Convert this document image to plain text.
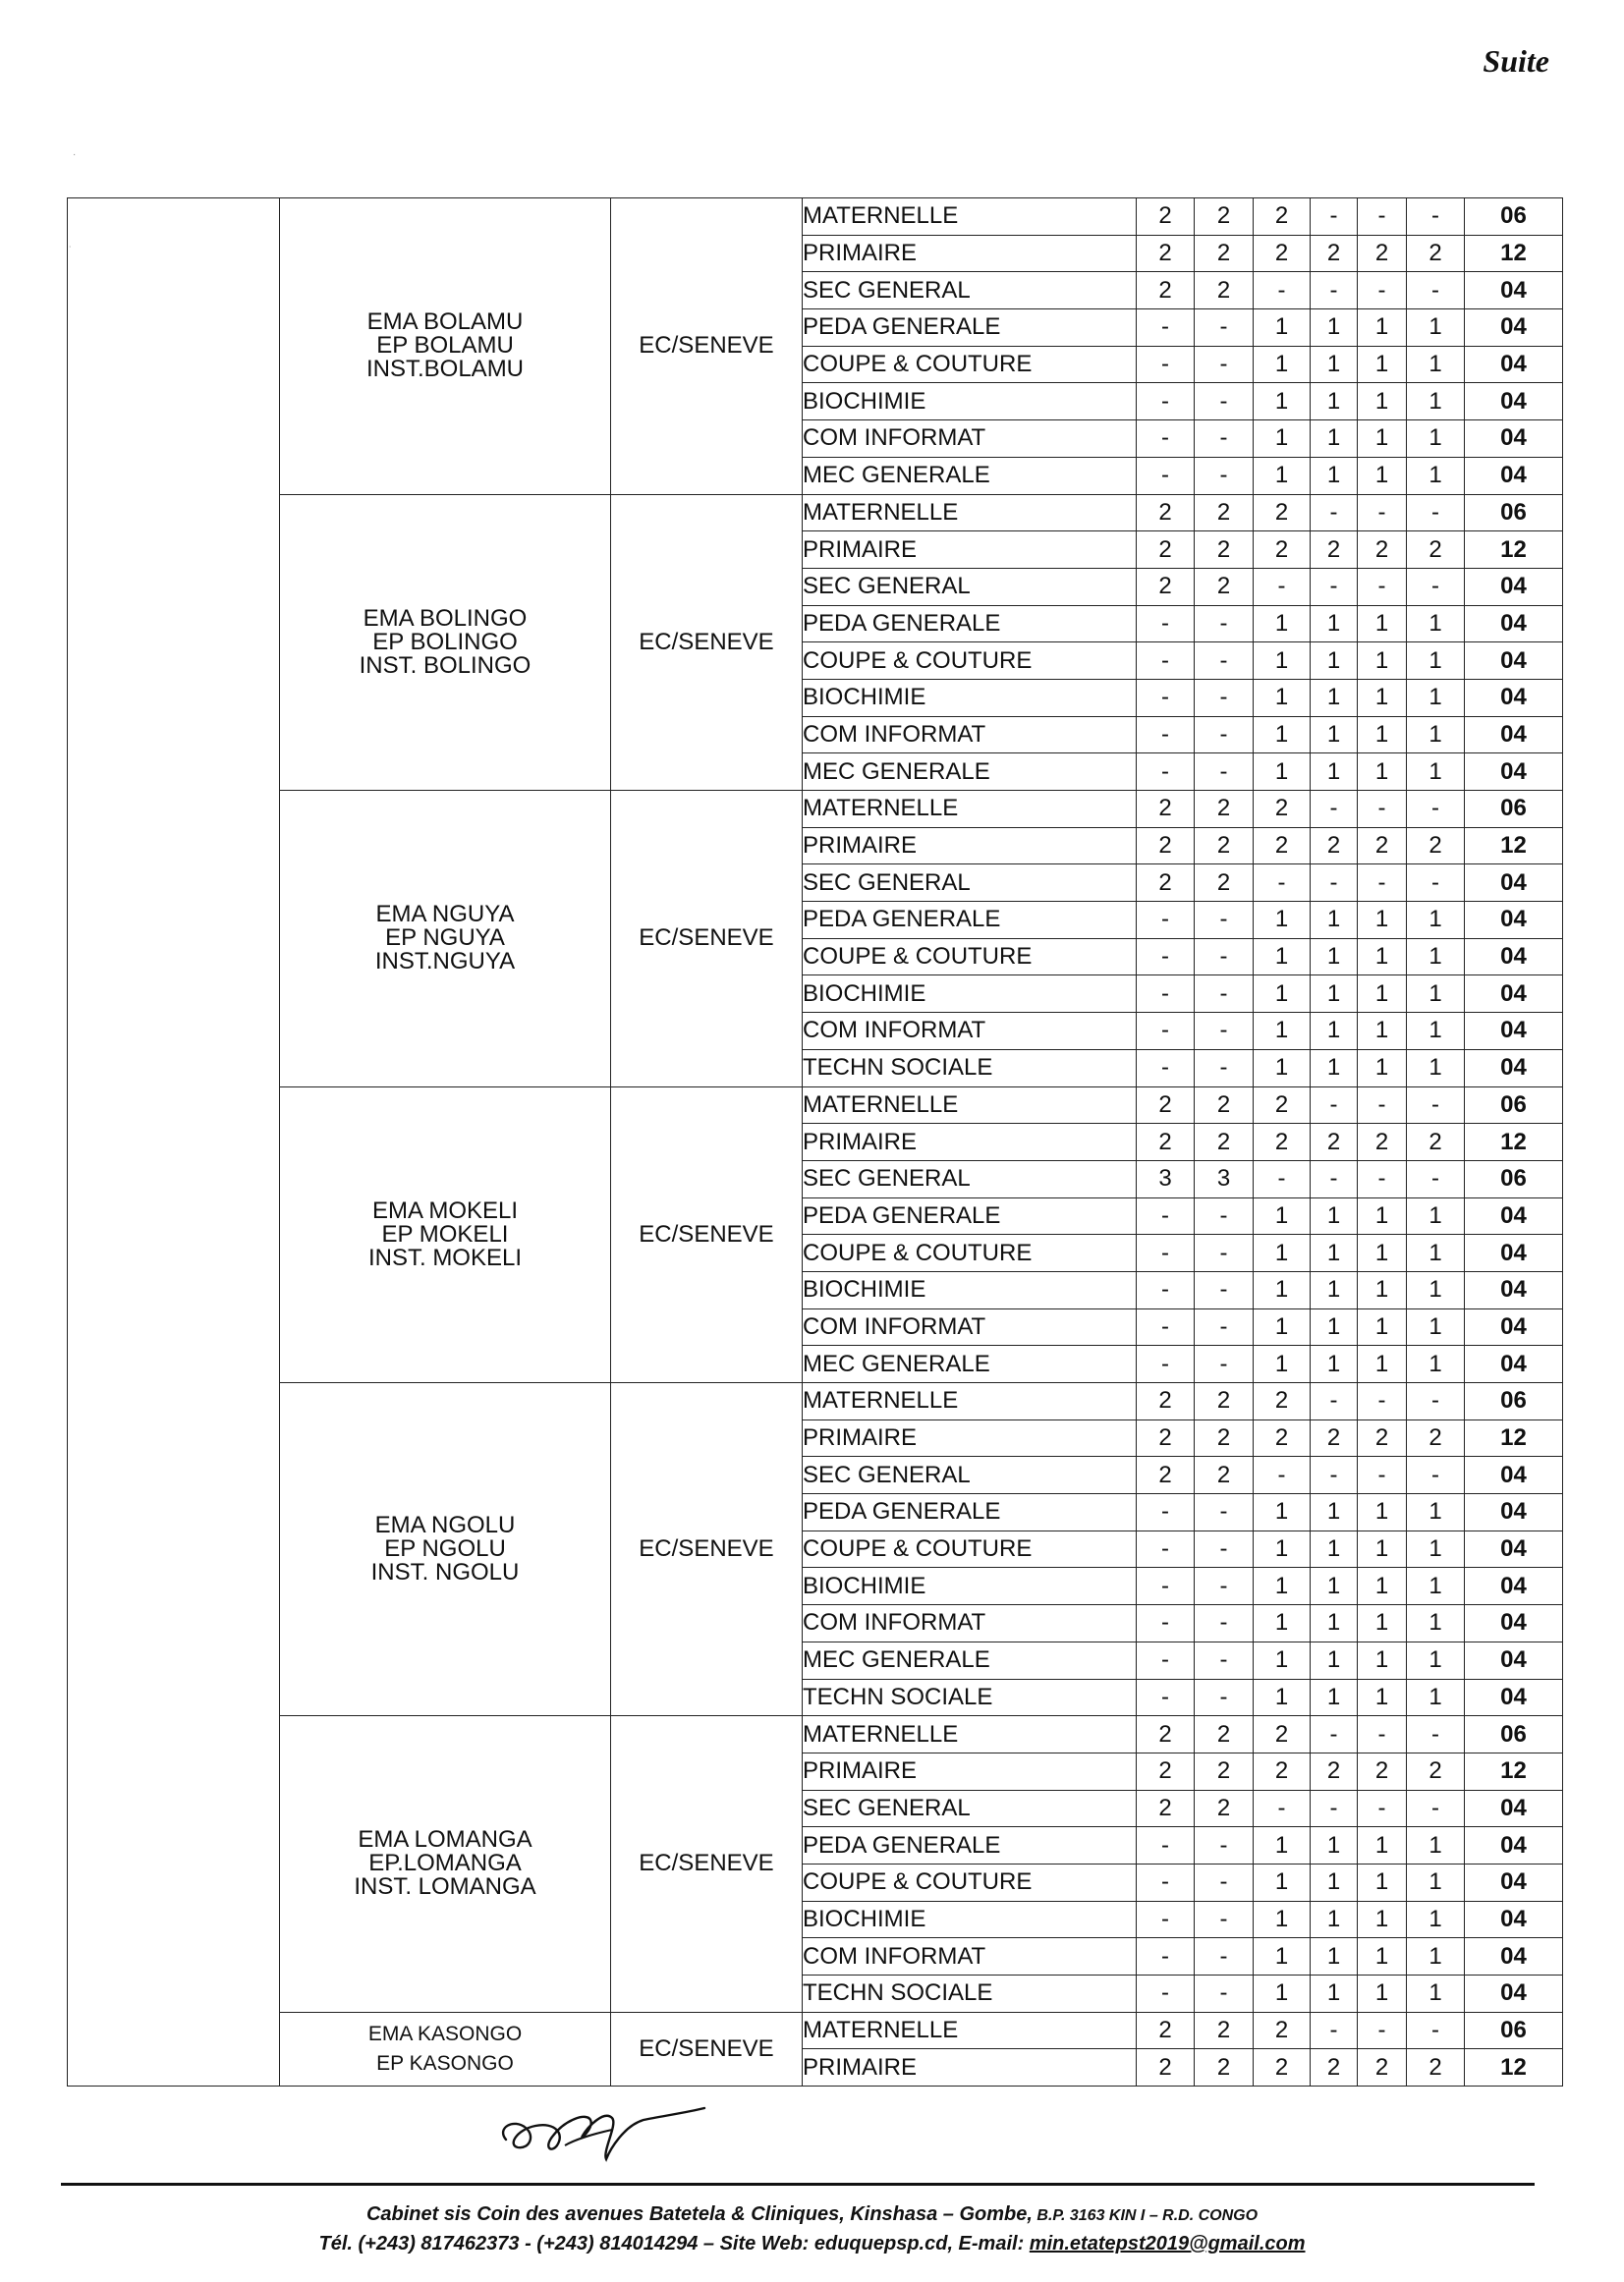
Suite
·
˙

	EMA BOLAMU
EP BOLAMU
INST.BOLAMU	EC/SENEVE	MATERNELLE	2	2	2	-	-	-	06
			PRIMAIRE	2	2	2	2	2	2	12
			SEC GENERAL	2	2	-	-	-	-	04
			PEDA GENERALE	-	-	1	1	1	1	04
			COUPE & COUTURE	-	-	1	1	1	1	04
			BIOCHIMIE	-	-	1	1	1	1	04
			COM INFORMAT	-	-	1	1	1	1	04
			MEC GENERALE	-	-	1	1	1	1	04

	EMA BOLINGO
EP BOLINGO
INST. BOLINGO	EC/SENEVE	MATERNELLE	2	2	2	-	-	-	06
			PRIMAIRE	2	2	2	2	2	2	12
			SEC GENERAL	2	2	-	-	-	-	04
			PEDA GENERALE	-	-	1	1	1	1	04
			COUPE & COUTURE	-	-	1	1	1	1	04
			BIOCHIMIE	-	-	1	1	1	1	04
			COM INFORMAT	-	-	1	1	1	1	04
			MEC GENERALE	-	-	1	1	1	1	04

	EMA NGUYA
EP NGUYA
INST.NGUYA	EC/SENEVE	MATERNELLE	2	2	2	-	-	-	06
			PRIMAIRE	2	2	2	2	2	2	12
			SEC GENERAL	2	2	-	-	-	-	04
			PEDA GENERALE	-	-	1	1	1	1	04
			COUPE & COUTURE	-	-	1	1	1	1	04
			BIOCHIMIE	-	-	1	1	1	1	04
			COM INFORMAT	-	-	1	1	1	1	04
			TECHN SOCIALE	-	-	1	1	1	1	04

	EMA MOKELI
EP MOKELI
INST. MOKELI	EC/SENEVE	MATERNELLE	2	2	2	-	-	-	06
			PRIMAIRE	2	2	2	2	2	2	12
			SEC GENERAL	3	3	-	-	-	-	06
			PEDA GENERALE	-	-	1	1	1	1	04
			COUPE & COUTURE	-	-	1	1	1	1	04
			BIOCHIMIE	-	-	1	1	1	1	04
			COM INFORMAT	-	-	1	1	1	1	04
			MEC GENERALE	-	-	1	1	1	1	04

	EMA NGOLU
EP NGOLU
INST. NGOLU	EC/SENEVE	MATERNELLE	2	2	2	-	-	-	06
			PRIMAIRE	2	2	2	2	2	2	12
			SEC GENERAL	2	2	-	-	-	-	04
			PEDA GENERALE	-	-	1	1	1	1	04
			COUPE & COUTURE	-	-	1	1	1	1	04
			BIOCHIMIE	-	-	1	1	1	1	04
			COM INFORMAT	-	-	1	1	1	1	04
			MEC GENERALE	-	-	1	1	1	1	04
			TECHN SOCIALE	-	-	1	1	1	1	04

	EMA LOMANGA
EP.LOMANGA
INST. LOMANGA	EC/SENEVE	MATERNELLE	2	2	2	-	-	-	06
			PRIMAIRE	2	2	2	2	2	2	12
			SEC GENERAL	2	2	-	-	-	-	04
			PEDA GENERALE	-	-	1	1	1	1	04
			COUPE & COUTURE	-	-	1	1	1	1	04
			BIOCHIMIE	-	-	1	1	1	1	04
			COM INFORMAT	-	-	1	1	1	1	04
			TECHN SOCIALE	-	-	1	1	1	1	04

	EMA KASONGO
EP KASONGO	EC/SENEVE	MATERNELLE	2	2	2	-	-	-	06
			PRIMAIRE	2	2	2	2	2	2	12
Cabinet sis Coin des avenues Batetela & Cliniques, Kinshasa – Gombe, B.P. 3163 KIN I – R.D. CONGO
Tél. (+243) 817462373 - (+243) 814014294 – Site Web: eduquepsp.cd, E-mail: min.etatepst2019@gmail.com
